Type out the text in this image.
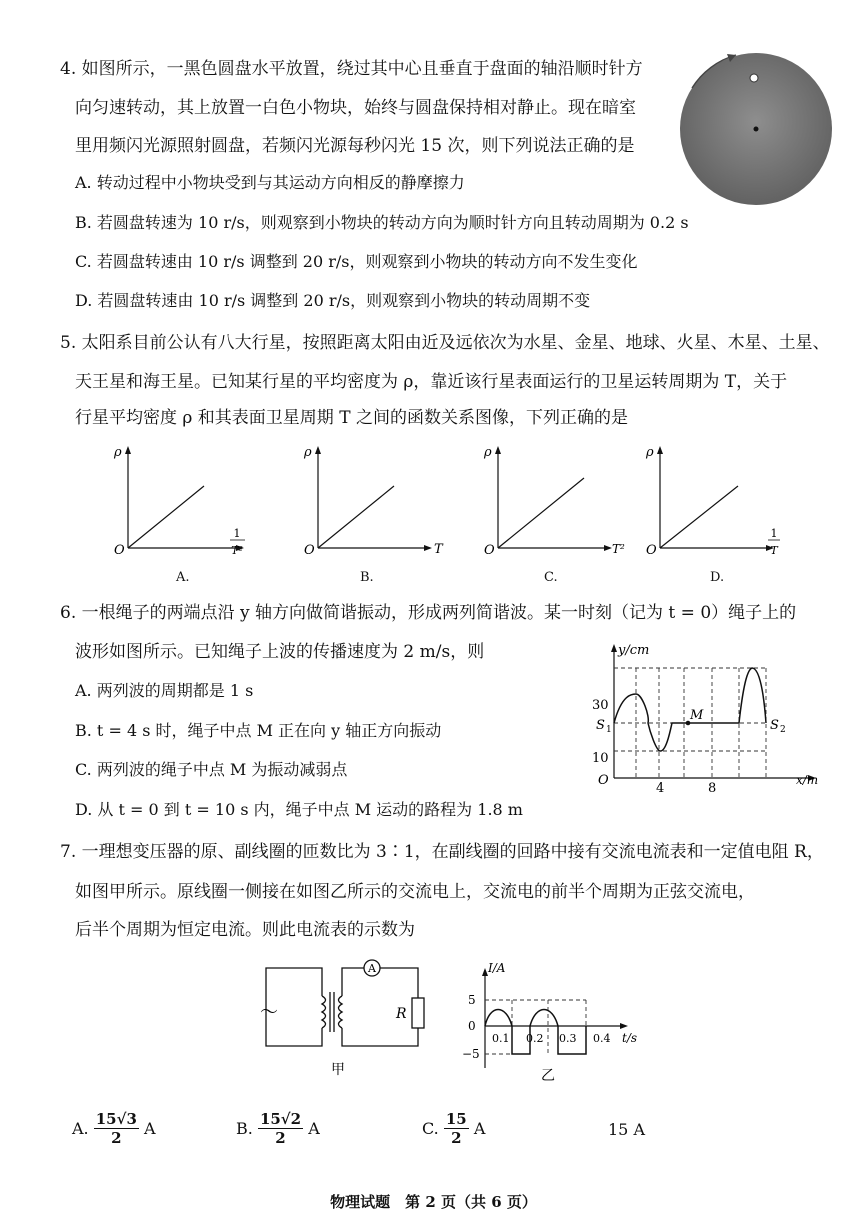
4. 如图所示，一黑色圆盘水平放置，绕过其中心且垂直于盘面的轴沿顺时针方
向匀速转动，其上放置一白色小物块，始终与圆盘保持相对静止。现在暗室
里用频闪光源照射圆盘，若频闪光源每秒闪光 15 次，则下列说法正确的是
A. 转动过程中小物块受到与其运动方向相反的静摩擦力
B. 若圆盘转速为 10 r/s，则观察到小物块的转动方向为顺时针方向且转动周期为 0.2 s
C. 若圆盘转速由 10 r/s 调整到 20 r/s，则观察到小物块的转动方向不发生变化
D. 若圆盘转速由 10 r/s 调整到 20 r/s，则观察到小物块的转动周期不变
5. 太阳系目前公认有八大行星，按照距离太阳由近及远依次为水星、金星、地球、火星、木星、土星、
天王星和海王星。已知某行星的平均密度为 ρ，靠近该行星表面运行的卫星运转周期为 T，关于
行星平均密度 ρ 和其表面卫星周期 T 之间的函数关系图像，下列正确的是
ρ
O
1
T²
A.
ρ
O	T
B.
ρ
O	T²
C.
ρ
O
1
T
D.
6. 一根绳子的两端点沿 y 轴方向做简谐振动，形成两列简谐波。某一时刻（记为 t = 0）绳子上的
波形如图所示。已知绳子上波的传播速度为 2 m/s，则
A. 两列波的周期都是 1 s
B. t = 4 s 时，绳子中点 M 正在向 y 轴正方向振动
C. 两列波的绳子中点 M 为振动减弱点
D. 从 t = 0 到 t = 10 s 内，绳子中点 M 运动的路程为 1.8 m
y/cm
30
10
O
4	8
x/m
S 1	S 2
M
7. 一理想变压器的原、副线圈的匝数比为 3∶1，在副线圈的回路中接有交流电流表和一定值电阻 R，
如图甲所示。原线圈一侧接在如图乙所示的交流电上，交流电的前半个周期为正弦交流电，
后半个周期为恒定电流。则此电流表的示数为
A
～	R
甲
I/A
5
0
−5
0.1 0.2 0.3 0.4 t/s
乙
A. $\frac{15√3}{2}$ A	B. $\frac{15√2}{2}$ A	C. $\frac{15}{2}$ A	15 A
物理试题　第 2 页（共 6 页）
